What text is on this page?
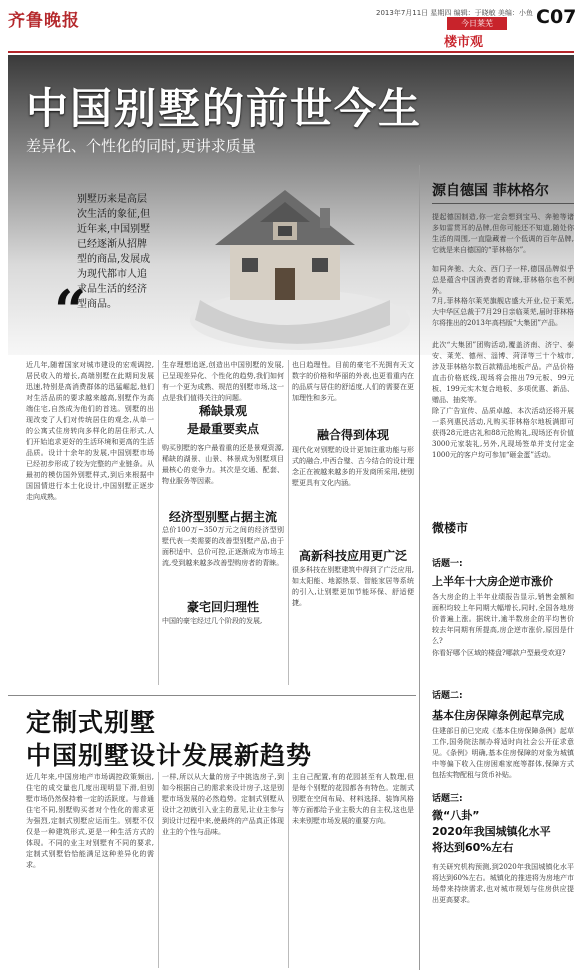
齐鲁晚报	2013年7月11日 星期四 编辑：于晓敏 美编：小鱼
今日莱芜
楼市观
C07
中国别墅的前世今生
差异化、个性化的同时,更讲求质量
别墅历来是高层次生活的象征,但近年来,中国别墅已经逐渐从招牌型的商品,发展成为现代都市人追求品生活的经济型商品。
“
源自德国 菲林格尔
提起德国制造,你一定会想到宝马、奔驰等诸多如雷贯耳的品牌,但你可能还不知道,随处你生活的周围,一直隐藏着一个低调的百年品牌,它就是来自德国的“菲林格尔”。
如同奔驰、大众、西门子一样,德国品牌似乎总是蕴含中国消费者的青睐,菲林格尔也不例外。
7月,菲林格尔莱芜旗舰店盛大开业,位于莱芜,大中华区总裁于7月29日亲临莱芜,届时菲林格尔将推出的2013年高档版“大集团”产品。
此次“大集团”团购活动,覆盖济南、济宁、泰安、莱芜、德州、淄博、菏泽等三十个城市,涉及菲林格尔数百款精品地板产品。产品价格直击价格底线,现场将会推出79元板、99元板、199元实木复合地板、多项优惠、新品、赠品、抽奖等。
除了广告宣传、品质卓越、本次活动还将开展一系列惠民活动,凡购买菲林格尔地板满即可获得28元进店礼和88元抢购礼,现场还有价值3000元家装礼,另外,凡现场签单并支付定金1000元的客户均可参加“砸金蛋”活动。
微楼市
话题一:
上半年十大房企逆市涨价
各大房企的上半年业绩报告显示,销售金额和面积均较上年同期大幅增长,同时,全国各地房价普遍上涨。据统计,逾半数房企的平均售价较去年同期有所提高,房企逆市涨价,原因是什么?
你看好哪个区域的楼盘?哪款户型最受欢迎?
话题二:
基本住房保障条例起草完成
住建部日前已完成《基本住房保障条例》起草工作,国务院法制办将适时向社会公开征求意见。《条例》明确,基本住房保障的对象为城镇中等偏下收入住房困难家庭等群体,保障方式包括实物配租与货币补贴。
话题三:
微“八卦”
2020年我国城镇化水平
将达到60%左右
有关研究机构预测,到2020年我国城镇化水平将达到60%左右。城镇化的推进将为房地产市场带来持续需求,也对城市规划与住房供应提出更高要求。
近几年,随着国家对城市建设的宏观调控,居民收入的增长,高端别墅在此期间发展迅速,特别是高消费群体的迅猛崛起,他们对生活品质的要求越来越高,别墅作为高端住宅,自然成为他们的首选。别墅的出现改变了人们对传统居住的观念,从单一的公寓式住房转向多样化的居住形式,人们开始追求更好的生活环境和更高的生活品质。设计十余年的发展,中国别墅市场已经初步形成了较为完整的产业链条。从最初的模仿国外别墅样式,到后来根据中国国情进行本土化设计,中国别墅正逐步走向成熟。
生存理想追逐,创造出中国别墅的发展,已呈现差异化、个性化的趋势,我们如何有一个更为成熟、规范的别墅市场,这一点是我们值得关注的问题。
稀缺景观
是最重要卖点
购买别墅的客户最看重的还是景观资源,稀缺的湖景、山景、林景成为别墅项目最核心的竞争力。其次是交通、配套、物业服务等因素。
经济型别墅占据主流
总价100万~350万元之间的经济型别墅代表一类需要的改善型别墅产品,由于面积适中、总价可控,正逐渐成为市场主流,受到越来越多改善型购房者的青睐。
豪宅回归理性
中国的豪宅经过几个阶段的发展,
也日趋理性。目前的豪宅不光拥有天文数字的价格和华丽的外表,也更看重内在的品质与居住的舒适度,人们的需要在更加理性和多元。
融合得到体现
现代化对别墅的设计更加注重功能与形式的融合,中西合璧、古今结合的设计理念正在被越来越多的开发商所采用,使别墅更具有文化内涵。
高新科技应用更广泛
很多科技在别墅建筑中得到了广泛应用,如太阳能、地源热泵、智能家居等系统的引入,让别墅更加节能环保、舒适便捷。
定制式别墅
中国别墅设计发展新趋势
近几年来,中国房地产市场调控政策频出,住宅的成交量也几度出现明显下滑,但别墅市场仍然保持着一定的活跃度。与普通住宅不同,别墅购买者对个性化的需求更为强烈,定制式别墅应运而生。别墅不仅仅是一种建筑形式,更是一种生活方式的体现。不同的业主对别墅有不同的要求,定制式别墅恰恰能满足这种差异化的需求。
一样,所以从大量的房子中挑选房子,到如今根据自己的需求来设计房子,这是别墅市场发展的必然趋势。定制式别墅从设计之初就引入业主的意见,让业主参与到设计过程中来,使最终的产品真正体现业主的个性与品味。
主自己配置,有的花园甚至有人数理,但是每个别墅的花园都各有特色。定制式别墅在空间布局、材料选择、装饰风格等方面都给予业主极大的自主权,这也是未来别墅市场发展的重要方向。
